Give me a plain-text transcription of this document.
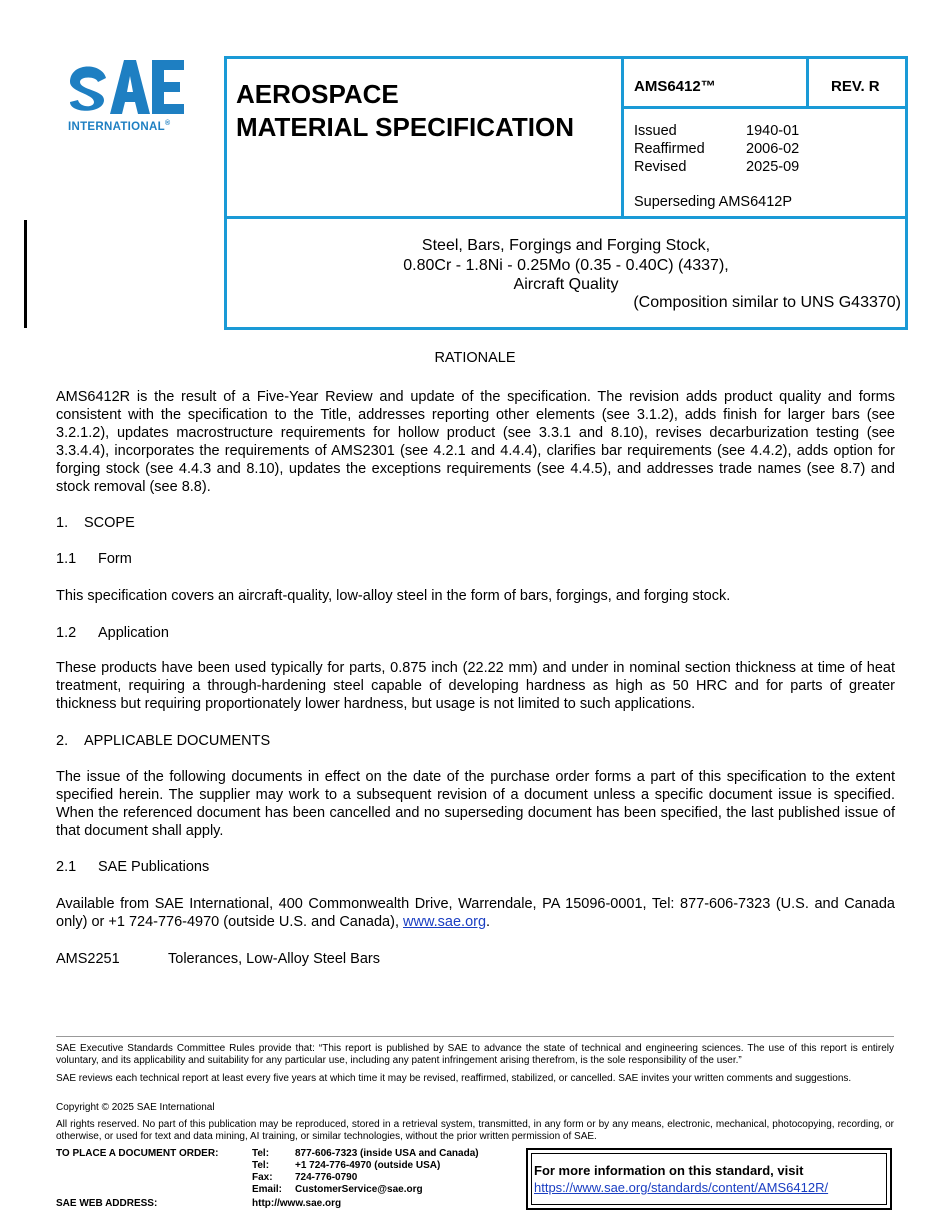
INTERNATIONAL®
AEROSPACE
MATERIAL SPECIFICATION
AMS6412™	REV. R
Issued	1940-01
Reaffirmed	2006-02
Revised	2025-09
Superseding AMS6412P
Steel, Bars, Forgings and Forging Stock,
0.80Cr - 1.8Ni - 0.25Mo (0.35 - 0.40C) (4337),
Aircraft Quality
(Composition similar to UNS G43370)
RATIONALE
AMS6412R is the result of a Five-Year Review and update of the specification. The revision adds product quality and forms consistent with the specification to the Title, addresses reporting other elements (see 3.1.2), adds finish for larger bars (see 3.2.1.2), updates macrostructure requirements for hollow product (see 3.3.1 and 8.10), revises decarburization testing (see 3.3.4.4), incorporates the requirements of AMS2301 (see 4.2.1 and 4.4.4), clarifies bar requirements (see 4.4.2), adds option for forging stock (see 4.4.3 and 8.10), updates the exceptions requirements (see 4.4.5), and addresses trade names (see 8.7) and stock removal (see 8.8).
1. SCOPE
1.1 Form
This specification covers an aircraft-quality, low-alloy steel in the form of bars, forgings, and forging stock.
1.2 Application
These products have been used typically for parts, 0.875 inch (22.22 mm) and under in nominal section thickness at time of heat treatment, requiring a through-hardening steel capable of developing hardness as high as 50 HRC and for parts of greater thickness but requiring proportionately lower hardness, but usage is not limited to such applications.
2. APPLICABLE DOCUMENTS
The issue of the following documents in effect on the date of the purchase order forms a part of this specification to the extent specified herein. The supplier may work to a subsequent revision of a document unless a specific document issue is specified. When the referenced document has been cancelled and no superseding document has been specified, the last published issue of that document shall apply.
2.1 SAE Publications
Available from SAE International, 400 Commonwealth Drive, Warrendale, PA 15096-0001, Tel: 877-606-7323 (U.S. and Canada only) or +1 724-776-4970 (outside U.S. and Canada), www.sae.org.
AMS2251	Tolerances, Low-Alloy Steel Bars
SAE Executive Standards Committee Rules provide that: “This report is published by SAE to advance the state of technical and engineering sciences. The use of this report is entirely voluntary, and its applicability and suitability for any particular use, including any patent infringement arising therefrom, is the sole responsibility of the user.”
SAE reviews each technical report at least every five years at which time it may be revised, reaffirmed, stabilized, or cancelled. SAE invites your written comments and suggestions.
Copyright © 2025 SAE International
All rights reserved. No part of this publication may be reproduced, stored in a retrieval system, transmitted, in any form or by any means, electronic, mechanical, photocopying, recording, or otherwise, or used for text and data mining, AI training, or similar technologies, without the prior written permission of SAE.
TO PLACE A DOCUMENT ORDER:	Tel:	877-606-7323 (inside USA and Canada)
Tel:	+1 724-776-4970 (outside USA)
Fax:	724-776-0790
Email:	CustomerService@sae.org
SAE WEB ADDRESS:	http://www.sae.org
For more information on this standard, visit
https://www.sae.org/standards/content/AMS6412R/
